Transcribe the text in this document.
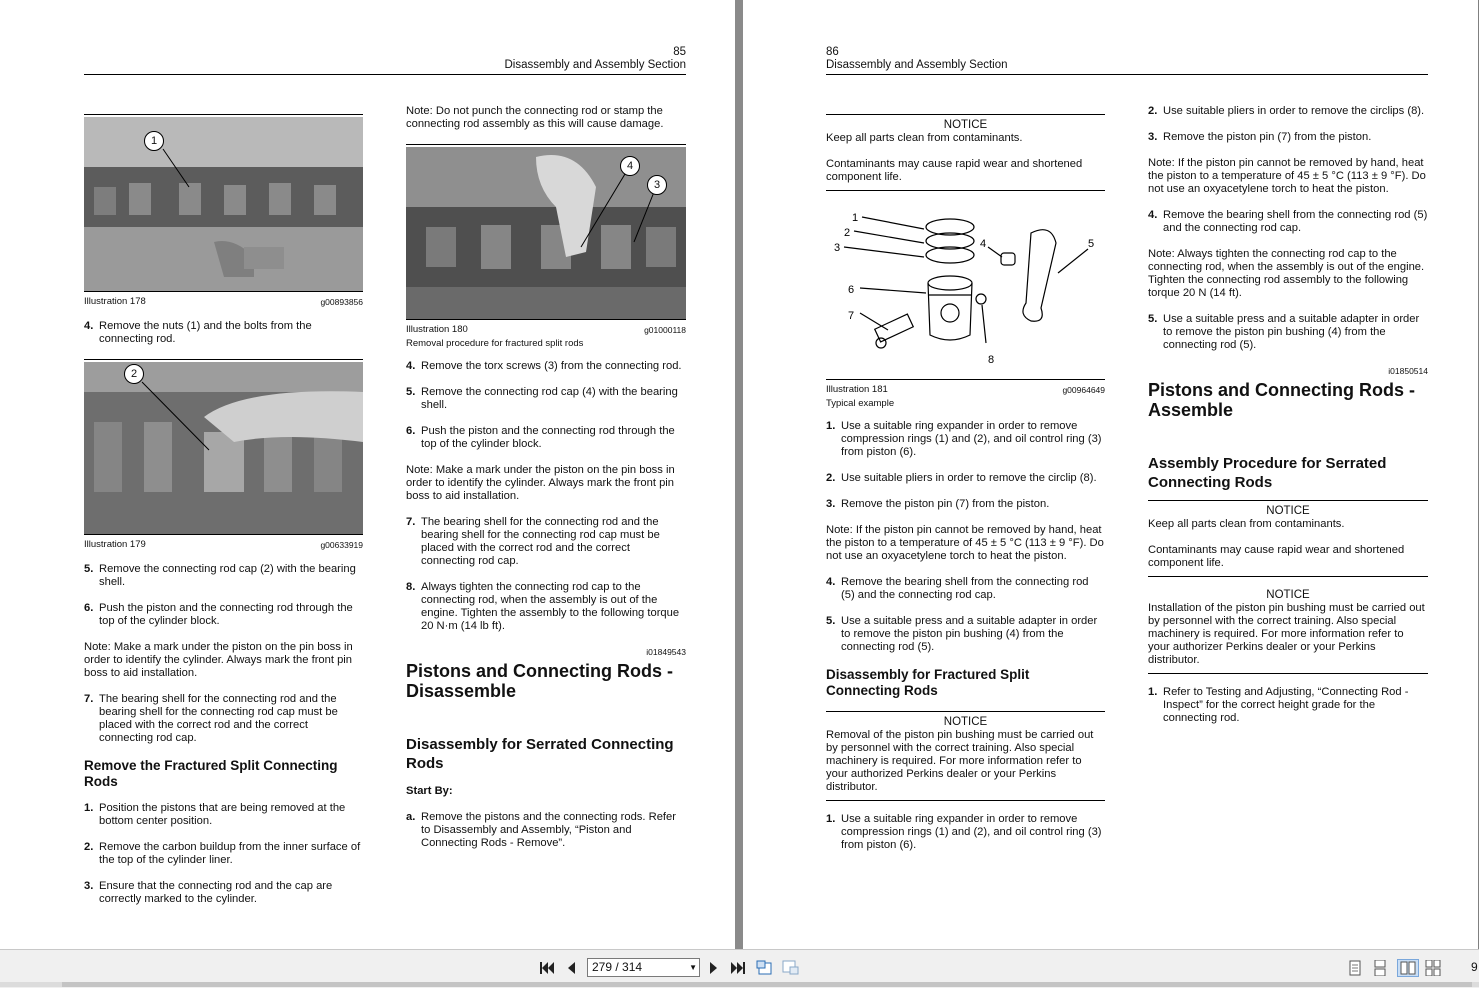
85
Disassembly and Assembly Section
1
Illustration 178	g00893856
4. Remove the nuts (1) and the bolts from the connecting rod.
2
Illustration 179	g00633919
5. Remove the connecting rod cap (2) with the bearing shell.
6. Push the piston and the connecting rod through the top of the cylinder block.

Note: Make a mark under the piston on the pin boss in order to identify the cylinder. Always mark the front pin boss to aid installation.

7. The bearing shell for the connecting rod and the bearing shell for the connecting rod cap must be placed with the correct rod and the correct connecting rod cap.
Remove the Fractured Split Connecting Rods
1. Position the pistons that are being removed at the bottom center position.
2. Remove the carbon buildup from the inner surface of the top of the cylinder liner.
3. Ensure that the connecting rod and the cap are correctly marked to the cylinder.

Note: Do not punch the connecting rod or stamp the connecting rod assembly as this will cause damage.

4
3
Illustration 180	g01000118
Removal procedure for fractured split rods
4. Remove the torx screws (3) from the connecting rod.
5. Remove the connecting rod cap (4) with the bearing shell.
6. Push the piston and the connecting rod through the top of the cylinder block.

Note: Make a mark under the piston on the pin boss in order to identify the cylinder. Always mark the front pin boss to aid installation.

7. The bearing shell for the connecting rod and the bearing shell for the connecting rod cap must be placed with the correct rod and the correct connecting rod cap.
8. Always tighten the connecting rod cap to the connecting rod, when the assembly is out of the engine. Tighten the assembly to the following torque 20 N·m (14 lb ft).
i01849543
Pistons and Connecting Rods - Disassemble
Disassembly for Serrated Connecting Rods

Start By:

a. Remove the pistons and the connecting rods. Refer to Disassembly and Assembly, “Piston and Connecting Rods - Remove”.
86
Disassembly and Assembly Section
NOTICE
Keep all parts clean from contaminants.
Contaminants may cause rapid wear and shortened component life.
1
2
3	4	5
6
7
8
Illustration 181	g00964649
Typical example
1. Use a suitable ring expander in order to remove compression rings (1) and (2), and oil control ring (3) from piston (6).
2. Use suitable pliers in order to remove the circlip (8).
3. Remove the piston pin (7) from the piston.

Note: If the piston pin cannot be removed by hand, heat the piston to a temperature of 45 ± 5 °C (113 ± 9 °F). Do not use an oxyacetylene torch to heat the piston.

4. Remove the bearing shell from the connecting rod (5) and the connecting rod cap.
5. Use a suitable press and a suitable adapter in order to remove the piston pin bushing (4) from the connecting rod (5).
Disassembly for Fractured Split Connecting Rods
NOTICE
Removal of the piston pin bushing must be carried out by personnel with the correct training. Also special machinery is required. For more information refer to your authorized Perkins dealer or your Perkins distributor.
1. Use a suitable ring expander in order to remove compression rings (1) and (2), and oil control ring (3) from piston (6).
2. Use suitable pliers in order to remove the circlips (8).
3. Remove the piston pin (7) from the piston.

Note: If the piston pin cannot be removed by hand, heat the piston to a temperature of 45 ± 5 °C (113 ± 9 °F). Do not use an oxyacetylene torch to heat the piston.

4. Remove the bearing shell from the connecting rod (5) and the connecting rod cap.

Note: Always tighten the connecting rod cap to the connecting rod, when the assembly is out of the engine. Tighten the connecting rod assembly to the following torque 20 N (14 ft).

5. Use a suitable press and a suitable adapter in order to remove the piston pin bushing (4) from the connecting rod (5).
i01850514
Pistons and Connecting Rods - Assemble
Assembly Procedure for Serrated Connecting Rods
NOTICE
Keep all parts clean from contaminants.
Contaminants may cause rapid wear and shortened component life.
NOTICE
Installation of the piston pin bushing must be carried out by personnel with the correct training. Also special machinery is required. For more information refer to your authorizer Perkins dealer or your Perkins distributor.
1. Refer to Testing and Adjusting, “Connecting Rod - Inspect” for the correct height grade for the connecting rod.
279 / 314	▼	9
